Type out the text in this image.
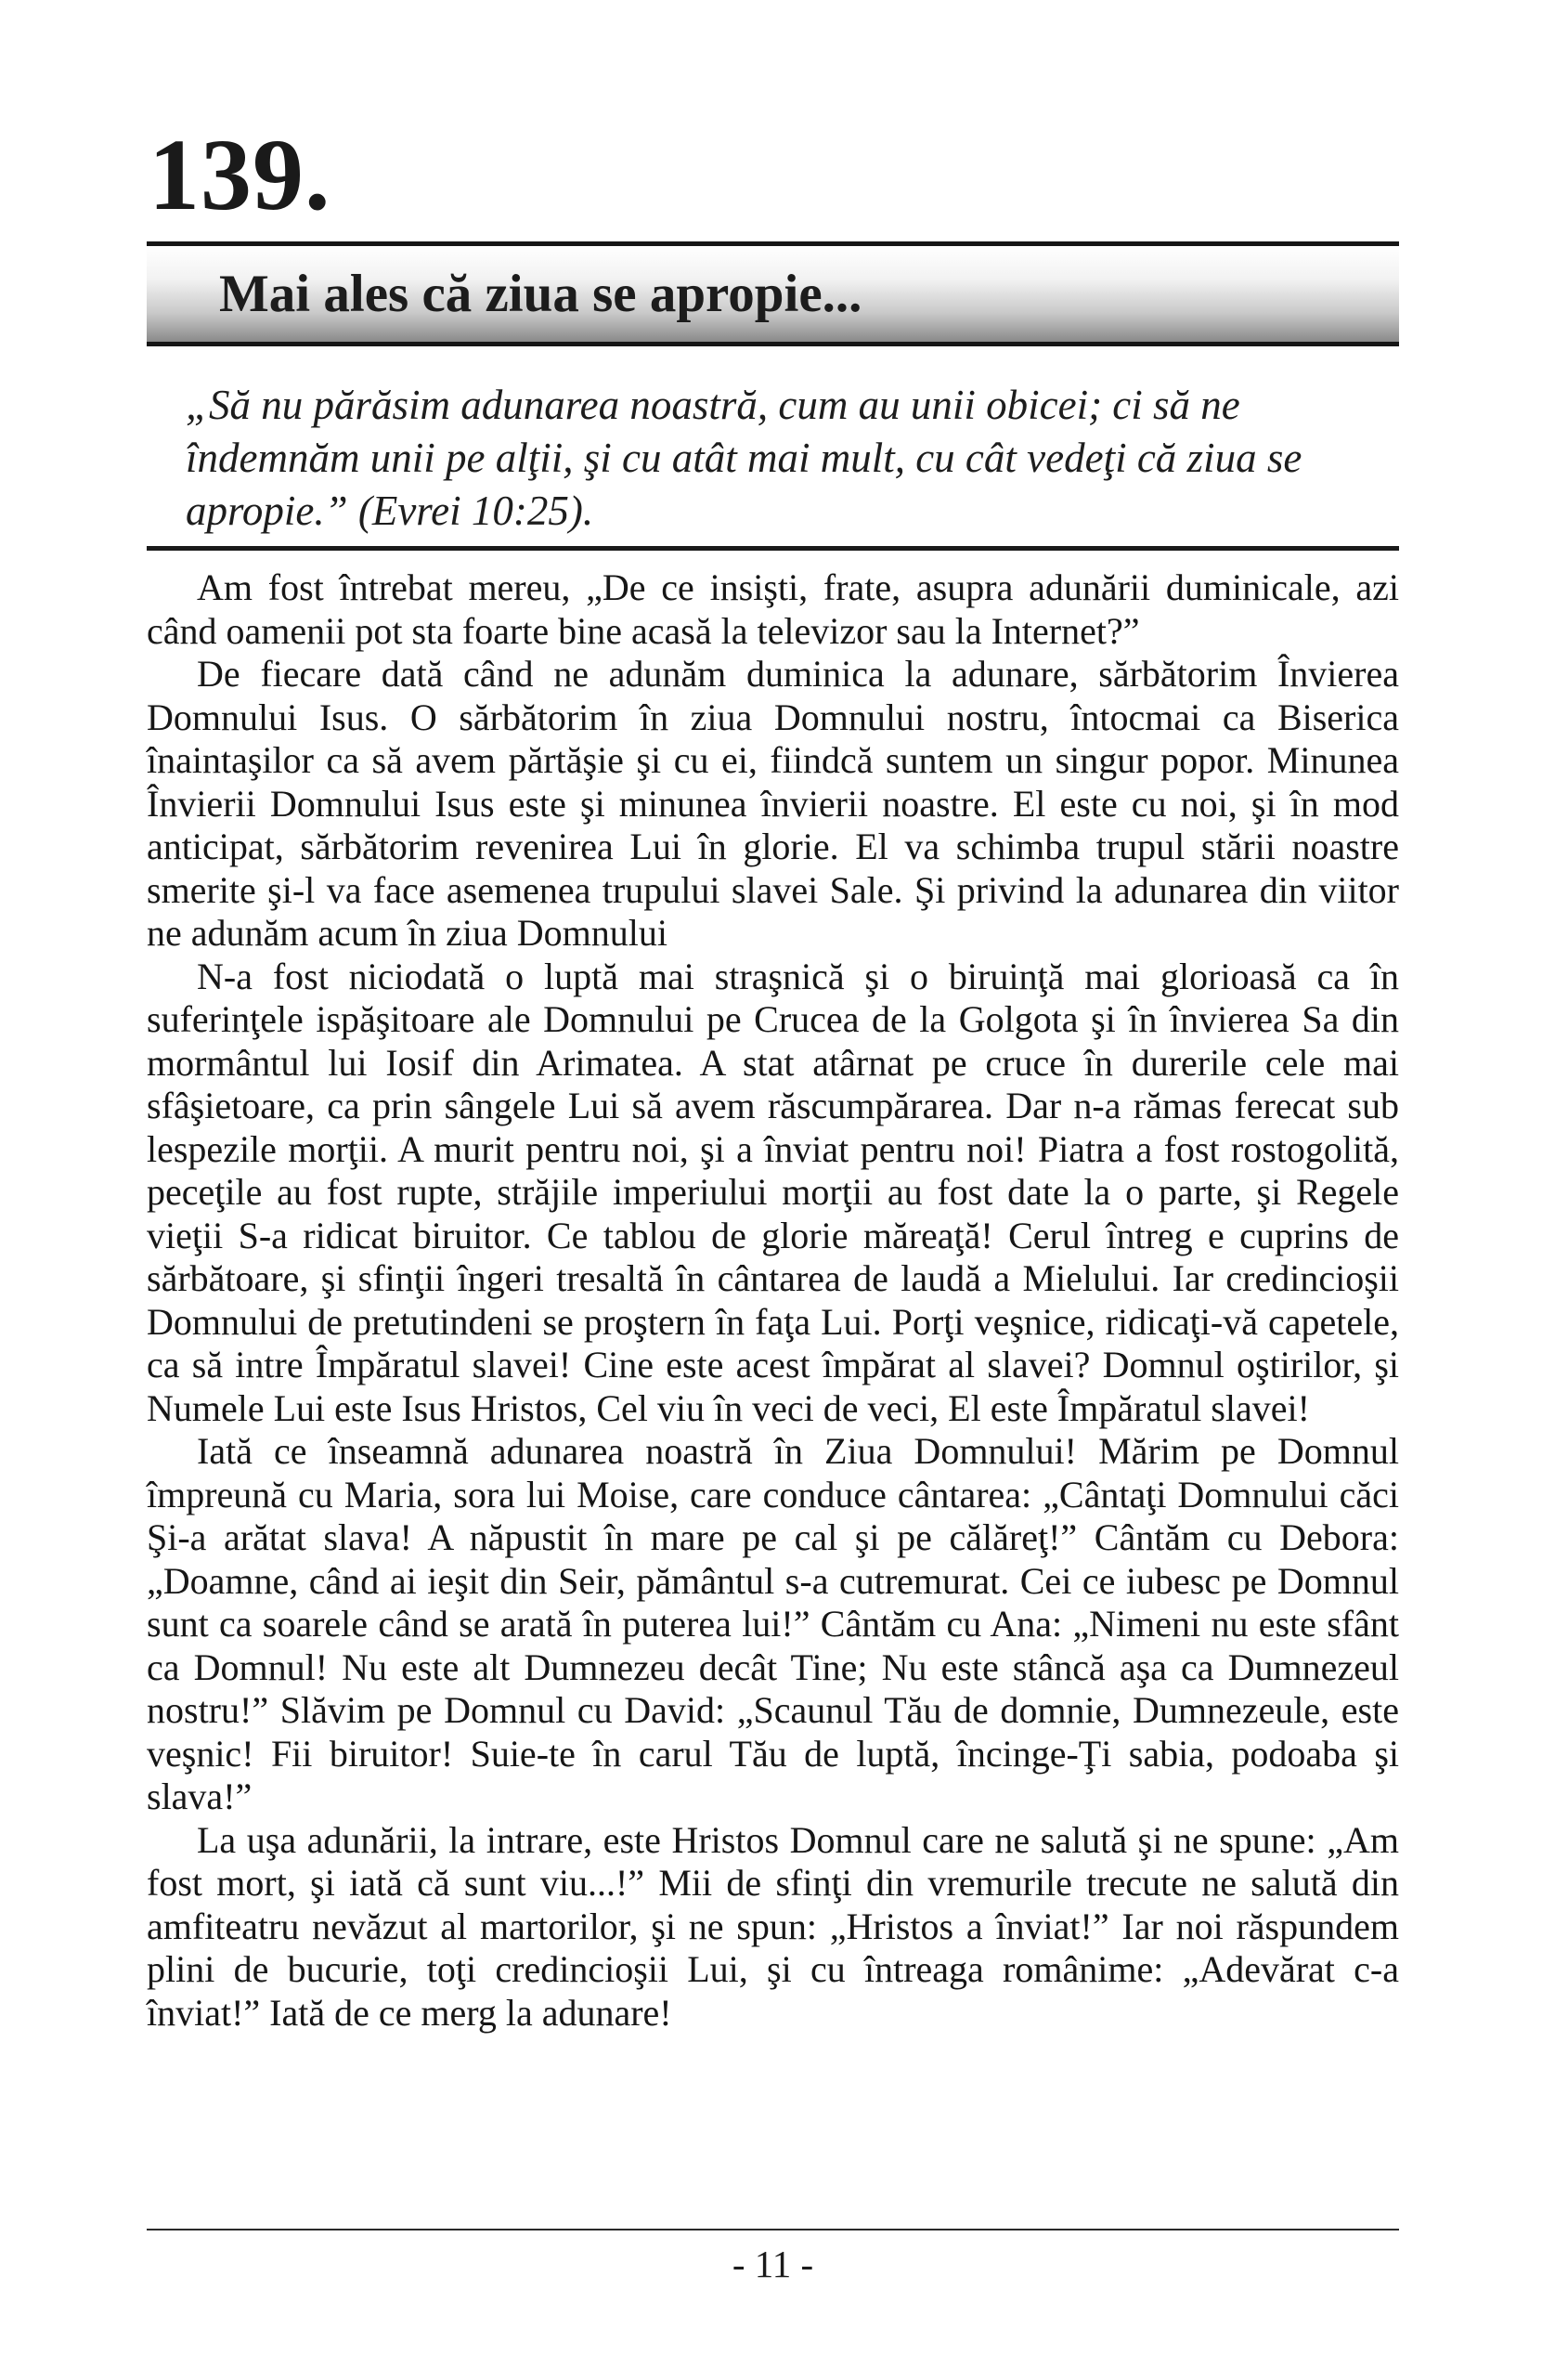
139.
Mai ales că ziua se apropie...
„Să nu părăsim adunarea noastră, cum au unii obicei; ci să ne
îndemnăm unii pe alţii, şi cu atât mai mult, cu cât vedeţi că ziua se
apropie.” (Evrei 10:25).

Am fost întrebat mereu, „De ce insişti, frate, asupra adunării duminicale, azi când oamenii pot sta foarte bine acasă la televizor sau la Internet?”

De fiecare dată când ne adunăm duminica la adunare, sărbătorim Învierea Domnului Isus. O sărbătorim în ziua Domnului nostru, întocmai ca Biserica înaintaşilor ca să avem părtăşie şi cu ei, fiindcă suntem un singur popor. Minunea Învierii Domnului Isus este şi minunea învierii noastre. El este cu noi, şi în mod anticipat, sărbătorim revenirea Lui în glorie. El va schimba trupul stării noastre smerite şi-l va face asemenea trupului slavei Sale. Şi privind la adunarea din viitor ne adunăm acum în ziua Domnului

N-a fost niciodată o luptă mai straşnică şi o biruinţă mai glorioasă ca în suferinţele ispăşitoare ale Domnului pe Crucea de la Golgota şi în învierea Sa din mormântul lui Iosif din Arimatea. A stat atârnat pe cruce în durerile cele mai sfâşietoare, ca prin sângele Lui să avem răscumpărarea. Dar n-a rămas ferecat sub lespezile morţii. A murit pentru noi, şi a înviat pentru noi! Piatra a fost rostogolită, peceţile au fost rupte, străjile imperiului morţii au fost date la o parte, şi Regele vieţii S-a ridicat biruitor. Ce tablou de glorie măreaţă! Cerul întreg e cuprins de sărbătoare, şi sfinţii îngeri tresaltă în cântarea de laudă a Mielului. Iar credincioşii Domnului de pretutindeni se proştern în faţa Lui. Porţi veşnice, ridicaţi-vă capetele, ca să intre Împăratul slavei! Cine este acest împărat al slavei? Domnul oştirilor, şi Numele Lui este Isus Hristos, Cel viu în veci de veci, El este Împăratul slavei!

Iată ce înseamnă adunarea noastră în Ziua Domnului! Mărim pe Domnul împreună cu Maria, sora lui Moise, care conduce cântarea: „Cântaţi Domnului căci Şi-a arătat slava! A năpustit în mare pe cal şi pe călăreţ!” Cântăm cu Debora: „Doamne, când ai ieşit din Seir, pământul s-a cutremurat. Cei ce iubesc pe Domnul sunt ca soarele când se arată în puterea lui!” Cântăm cu Ana: „Nimeni nu este sfânt ca Domnul! Nu este alt Dumnezeu decât Tine; Nu este stâncă aşa ca Dumnezeul nostru!” Slăvim pe Domnul cu David: „Scaunul Tău de domnie, Dumnezeule, este veşnic! Fii biruitor! Suie-te în carul Tău de luptă, încinge-Ţi sabia, podoaba şi slava!”

La uşa adunării, la intrare, este Hristos Domnul care ne salută şi ne spune: „Am fost mort, şi iată că sunt viu...!” Mii de sfinţi din vremurile trecute ne salută din amfiteatru nevăzut al martorilor, şi ne spun: „Hristos a înviat!” Iar noi răspundem plini de bucurie, toţi credincioşii Lui, şi cu întreaga românime: „Adevărat c-a înviat!” Iată de ce merg la adunare!

- 11 -
